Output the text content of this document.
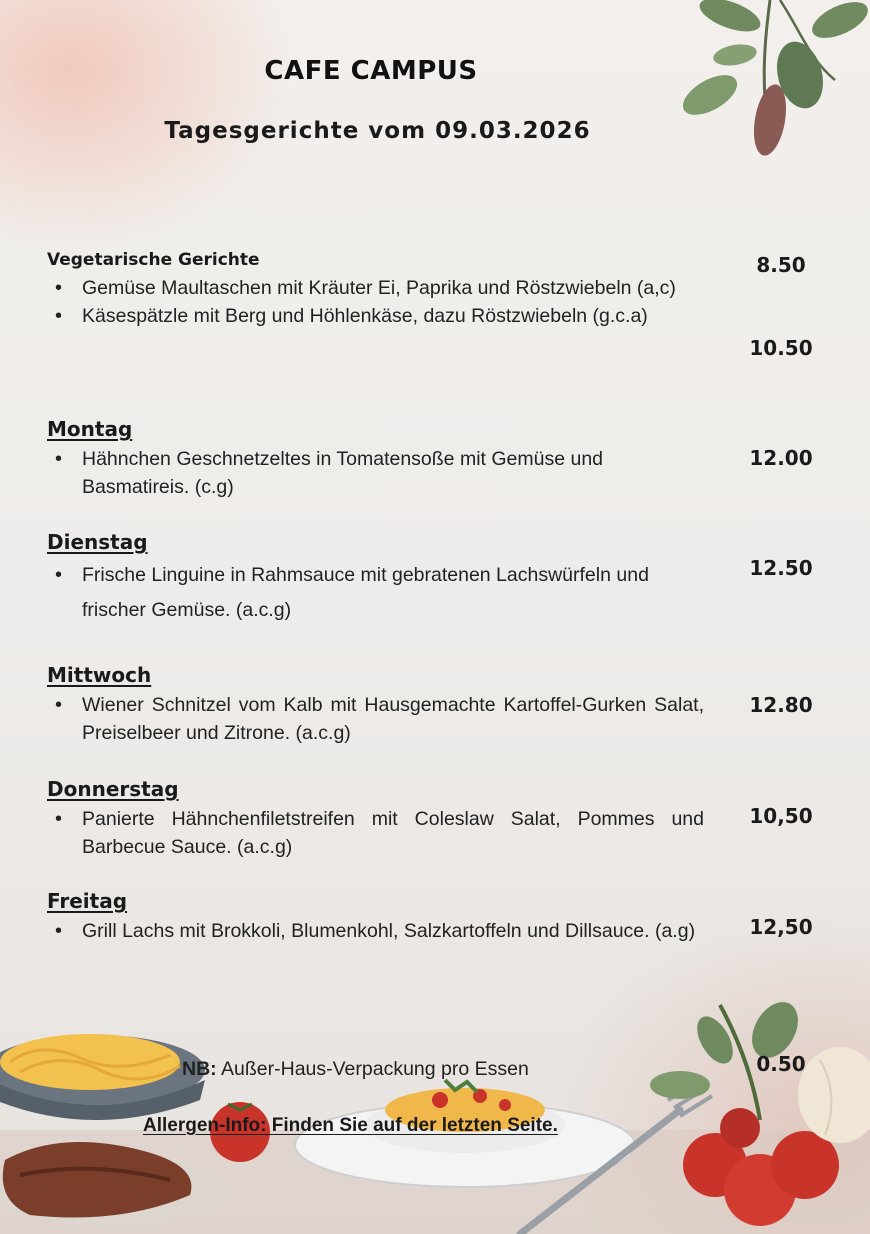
CAFE CAMPUS
Tagesgerichte vom 09.03.2026
Vegetarische Gerichte
• Gemüse Maultaschen mit Kräuter Ei, Paprika und Röstzwiebeln (a,c)
• Käsespätzle mit Berg und Höhlenkäse, dazu Röstzwiebeln (g.c.a)
8.50
10.50
Montag
• Hähnchen Geschnetzeltes in Tomatensoße mit Gemüse und Basmatireis. (c.g)
12.00
Dienstag
• Frische Linguine in Rahmsauce mit gebratenen Lachswürfeln und frischer Gemüse. (a.c.g)
12.50
Mittwoch
• Wiener Schnitzel vom Kalb mit Hausgemachte Kartoffel-Gurken Salat, Preiselbeer und Zitrone. (a.c.g)
12.80
Donnerstag
• Panierte Hähnchenfiletstreifen mit Coleslaw Salat, Pommes und Barbecue Sauce. (a.c.g)
10,50
Freitag
• Grill Lachs mit Brokkoli, Blumenkohl, Salzkartoffeln und Dillsauce. (a.g)	12,50
NB: Außer-Haus-Verpackung pro Essen	0.50
Allergen-Info: Finden Sie auf der letzten Seite.
